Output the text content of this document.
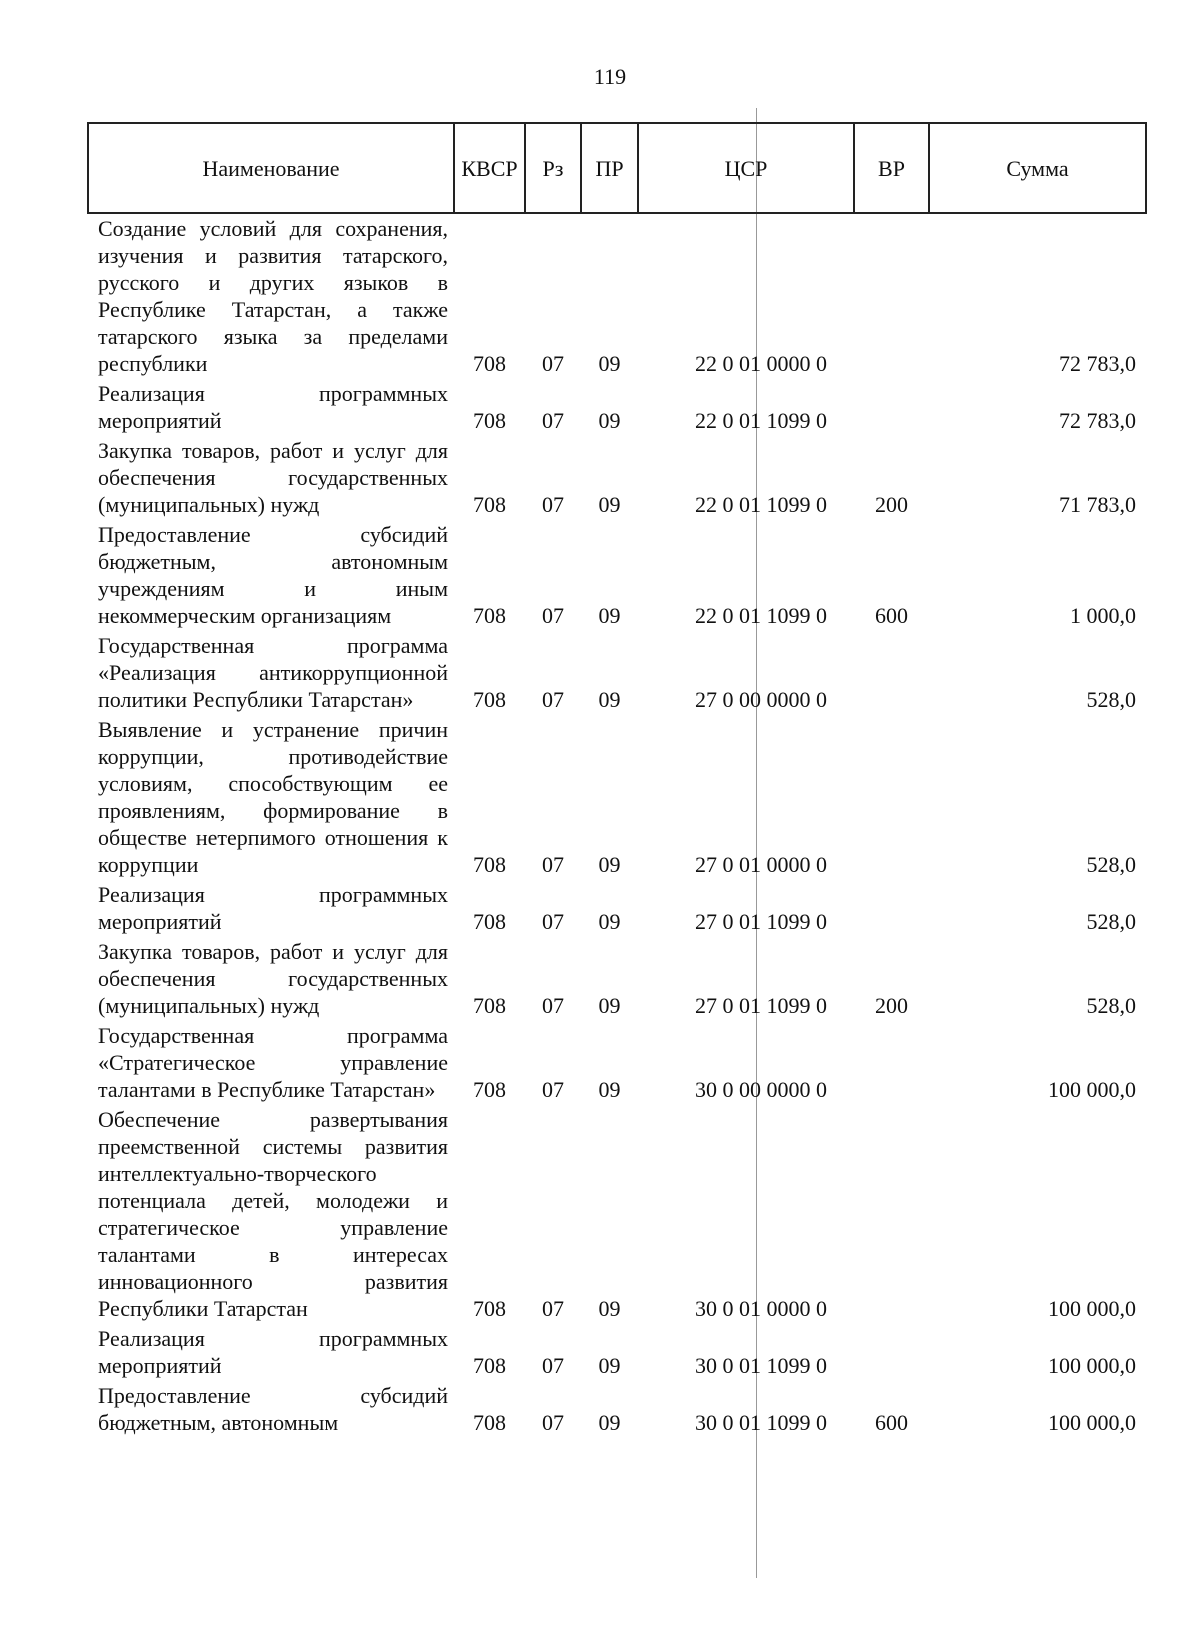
119
Наименование	КВСР	Рз	ПР	ЦСР	ВР	Сумма
Создание условий для сохранения, изучения и развития татарского, русского и других языков в Республике Татарстан, а также татарского языка за пределами республики	708	07	09	22 0 01 0000 0		72 783,0
Реализация программных мероприятий	708	07	09	22 0 01 1099 0		72 783,0
Закупка товаров, работ и услуг для обеспечения государственных (муниципальных) нужд	708	07	09	22 0 01 1099 0	200	71 783,0
Предоставление субсидий бюджетным, автономным учреждениям и иным некоммерческим организациям	708	07	09	22 0 01 1099 0	600	1 000,0
Государственная программа «Реализация антикоррупционной политики Республики Татарстан»	708	07	09	27 0 00 0000 0		528,0
Выявление и устранение причин коррупции, противодействие условиям, способствующим ее проявлениям, формирование в обществе нетерпимого отношения к коррупции	708	07	09	27 0 01 0000 0		528,0
Реализация программных мероприятий	708	07	09	27 0 01 1099 0		528,0
Закупка товаров, работ и услуг для обеспечения государственных (муниципальных) нужд	708	07	09	27 0 01 1099 0	200	528,0
Государственная программа «Стратегическое управление талантами в Республике Татарстан»	708	07	09	30 0 00 0000 0		100 000,0
Обеспечение развертывания преемственной системы развития интеллектуально-творческого потенциала детей, молодежи и стратегическое управление талантами в интересах инновационного развития Республики Татарстан	708	07	09	30 0 01 0000 0		100 000,0
Реализация программных мероприятий	708	07	09	30 0 01 1099 0		100 000,0
Предоставление субсидий бюджетным, автономным	708	07	09	30 0 01 1099 0	600	100 000,0
